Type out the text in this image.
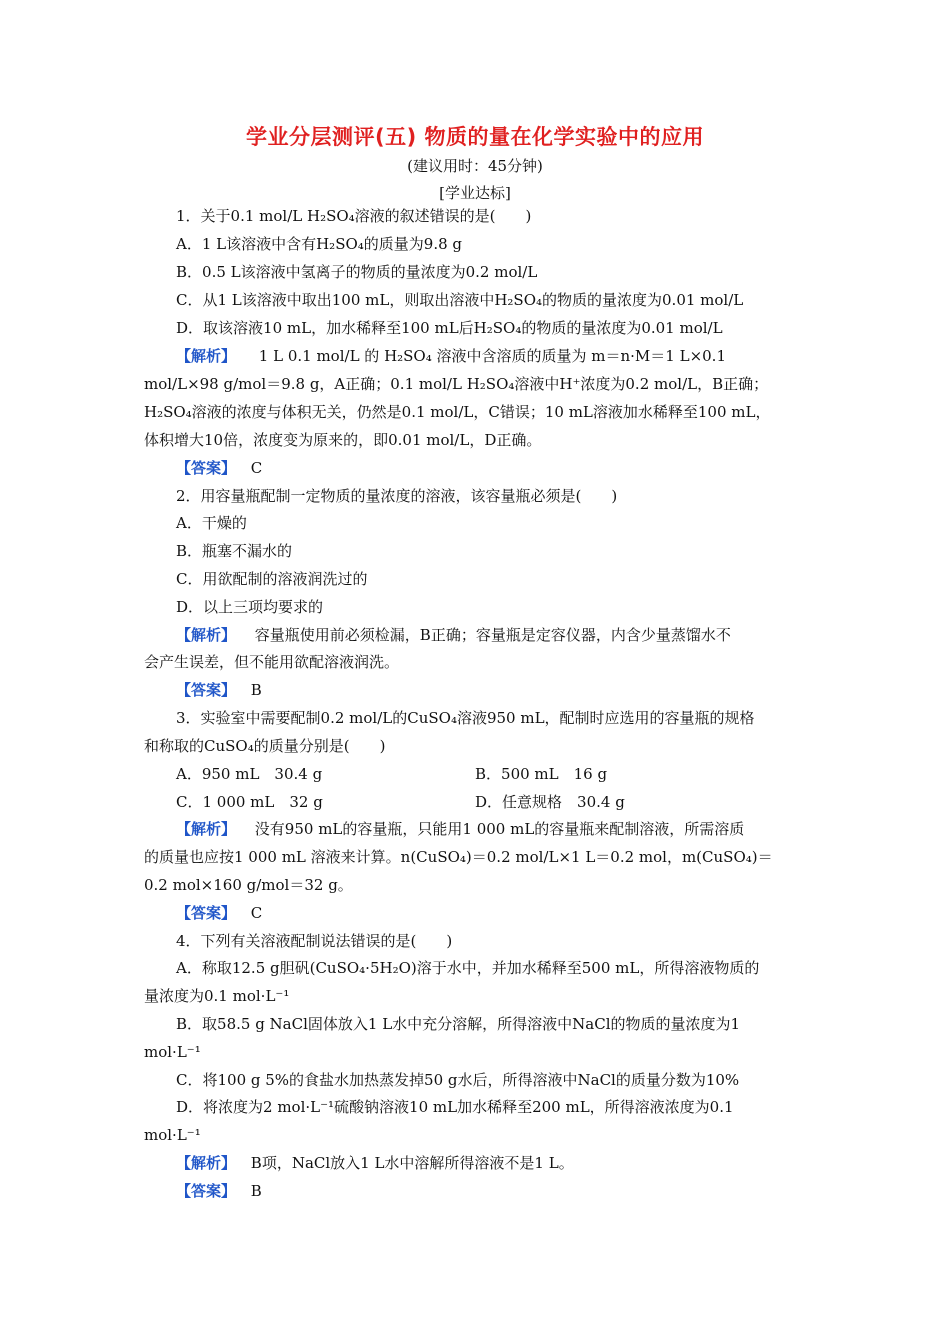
学业分层测评(五) 物质的量在化学实验中的应用
(建议用时：45分钟)
[学业达标]
1．关于0.1 mol/L H₂SO₄溶液的叙述错误的是(　　)
A．1 L该溶液中含有H₂SO₄的质量为9.8 g
B．0.5 L该溶液中氢离子的物质的量浓度为0.2 mol/L
C．从1 L该溶液中取出100 mL，则取出溶液中H₂SO₄的物质的量浓度为0.01 mol/L
D．取该溶液10 mL，加水稀释至100 mL后H₂SO₄的物质的量浓度为0.01 mol/L
【解析】 1 L 0.1 mol/L 的 H₂SO₄ 溶液中含溶质的质量为 m＝n·M＝1 L×0.1
mol/L×98 g/mol＝9.8 g，A正确；0.1 mol/L H₂SO₄溶液中H⁺浓度为0.2 mol/L，B正确；
H₂SO₄溶液的浓度与体积无关，仍然是0.1 mol/L，C错误；10 mL溶液加水稀释至100 mL，
体积增大10倍，浓度变为原来的，即0.01 mol/L，D正确。
【答案】 C
2．用容量瓶配制一定物质的量浓度的溶液，该容量瓶必须是(　　)
A．干燥的
B．瓶塞不漏水的
C．用欲配制的溶液润洗过的
D．以上三项均要求的
【解析】 容量瓶使用前必须检漏，B正确；容量瓶是定容仪器，内含少量蒸馏水不
会产生误差，但不能用欲配溶液润洗。
【答案】 B
3．实验室中需要配制0.2 mol/L的CuSO₄溶液950 mL，配制时应选用的容量瓶的规格
和称取的CuSO₄的质量分别是(　　)
A．950 mL　30.4 g	B．500 mL　16 g
C．1 000 mL　32 g	D．任意规格　30.4 g
【解析】 没有950 mL的容量瓶，只能用1 000 mL的容量瓶来配制溶液，所需溶质
的质量也应按1 000 mL 溶液来计算。n(CuSO₄)＝0.2 mol/L×1 L＝0.2 mol，m(CuSO₄)＝
0.2 mol×160 g/mol＝32 g。
【答案】 C
4．下列有关溶液配制说法错误的是(　　)
A．称取12.5 g胆矾(CuSO₄·5H₂O)溶于水中，并加水稀释至500 mL，所得溶液物质的
量浓度为0.1 mol·L⁻¹
B．取58.5 g NaCl固体放入1 L水中充分溶解，所得溶液中NaCl的物质的量浓度为1
mol·L⁻¹
C．将100 g 5%的食盐水加热蒸发掉50 g水后，所得溶液中NaCl的质量分数为10%
D．将浓度为2 mol·L⁻¹硫酸钠溶液10 mL加水稀释至200 mL，所得溶液浓度为0.1
mol·L⁻¹
【解析】 B项，NaCl放入1 L水中溶解所得溶液不是1 L。
【答案】 B
